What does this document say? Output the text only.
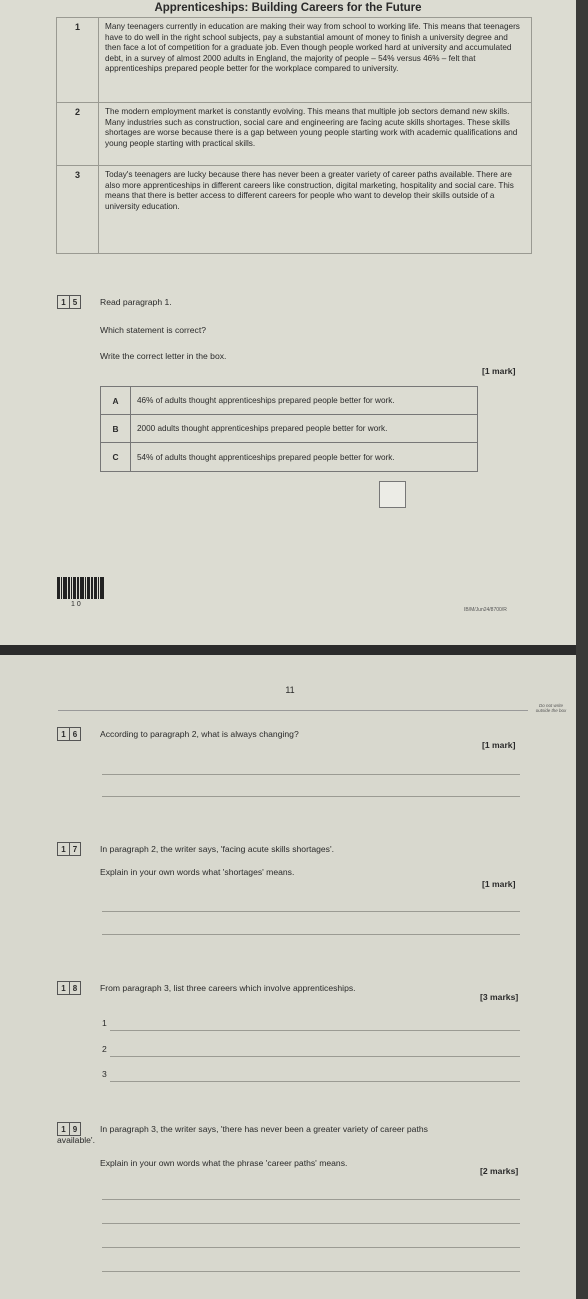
Apprenticeships: Building Careers for the Future
1	Many teenagers currently in education are making their way from school to working life. This means that teenagers have to do well in the right school subjects, pay a substantial amount of money to finish a university degree and then face a lot of competition for a graduate job. Even though people worked hard at university and accumulated debt, in a survey of almost 2000 adults in England, the majority of people – 54% versus 46% – felt that apprenticeships prepared people better for the workplace compared to university.
2	The modern employment market is constantly evolving. This means that multiple job sectors demand new skills. Many industries such as construction, social care and engineering are facing acute skills shortages. These skills shortages are worse because there is a gap between young people starting work with academic qualifications and young people starting with practical skills.
3	Today's teenagers are lucky because there has never been a greater variety of career paths available. There are also more apprenticeships in different careers like construction, digital marketing, hospitality and social care. This means that there is better access to different careers for people who want to develop their skills outside of a university education.
1 5	Read paragraph 1.
Which statement is correct?
Write the correct letter in the box.
[1 mark]
A	46% of adults thought apprenticeships prepared people better for work.
B	2000 adults thought apprenticeships prepared people better for work.
C	54% of adults thought apprenticeships prepared people better for work.
1 0
IB/M/Jun24/8700/R
11
Do not write outside the box
1 6	According to paragraph 2, what is always changing?
[1 mark]
1 7	In paragraph 2, the writer says, 'facing acute skills shortages'.
Explain in your own words what 'shortages' means.
[1 mark]
1 8	From paragraph 3, list three careers which involve apprenticeships.
[3 marks]
1
2
3
1 9	In paragraph 3, the writer says, 'there has never been a greater variety of career paths
available'.
Explain in your own words what the phrase 'career paths' means.
[2 marks]
